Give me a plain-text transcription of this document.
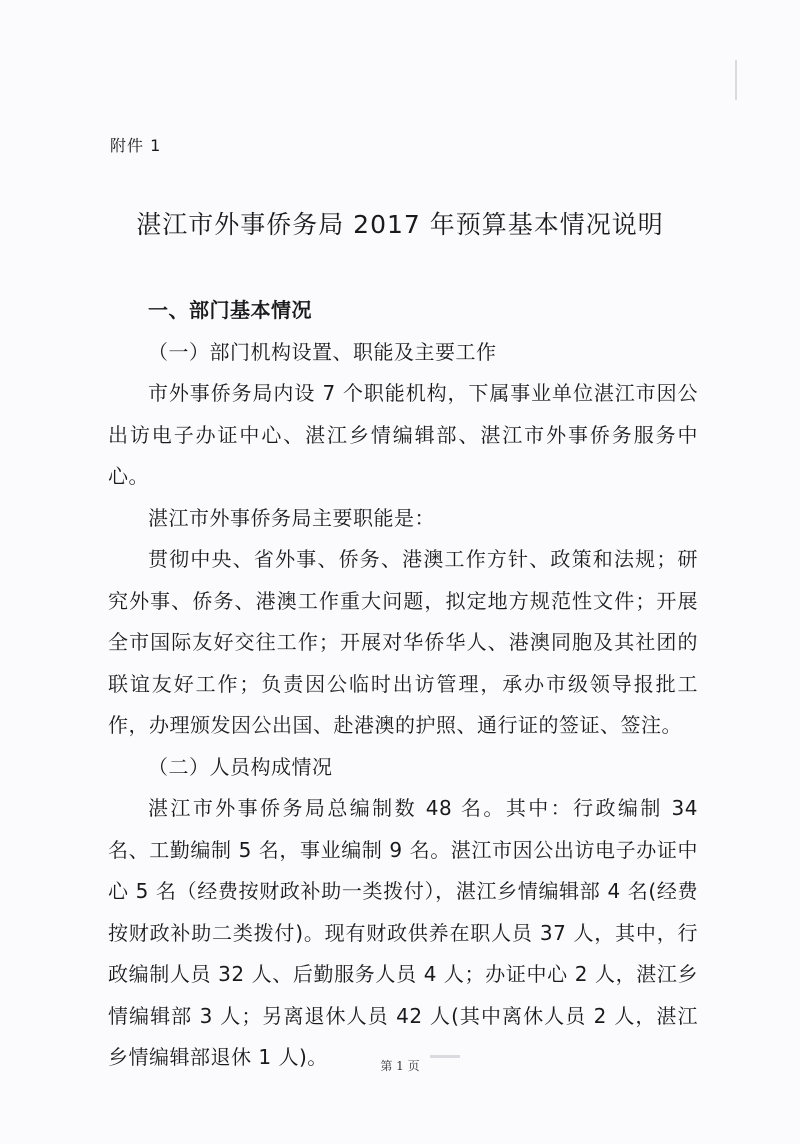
附件 1
湛江市外事侨务局 2017 年预算基本情况说明

一、部门基本情况

（一）部门机构设置、职能及主要工作

市外事侨务局内设 7 个职能机构，下属事业单位湛江市因公出访电子办证中心、湛江乡情编辑部、湛江市外事侨务服务中心。

湛江市外事侨务局主要职能是：

贯彻中央、省外事、侨务、港澳工作方针、政策和法规；研究外事、侨务、港澳工作重大问题，拟定地方规范性文件；开展全市国际友好交往工作；开展对华侨华人、港澳同胞及其社团的联谊友好工作；负责因公临时出访管理，承办市级领导报批工作，办理颁发因公出国、赴港澳的护照、通行证的签证、签注。

（二）人员构成情况

湛江市外事侨务局总编制数 48 名。其中：行政编制 34 名、工勤编制 5 名，事业编制 9 名。湛江市因公出访电子办证中心 5 名（经费按财政补助一类拨付），湛江乡情编辑部 4 名(经费按财政补助二类拨付)。现有财政供养在职人员 37 人，其中，行政编制人员 32 人、后勤服务人员 4 人；办证中心 2 人，湛江乡情编辑部 3 人；另离退休人员 42 人(其中离休人员 2 人，湛江乡情编辑部退休 1 人)。	第 1 页
